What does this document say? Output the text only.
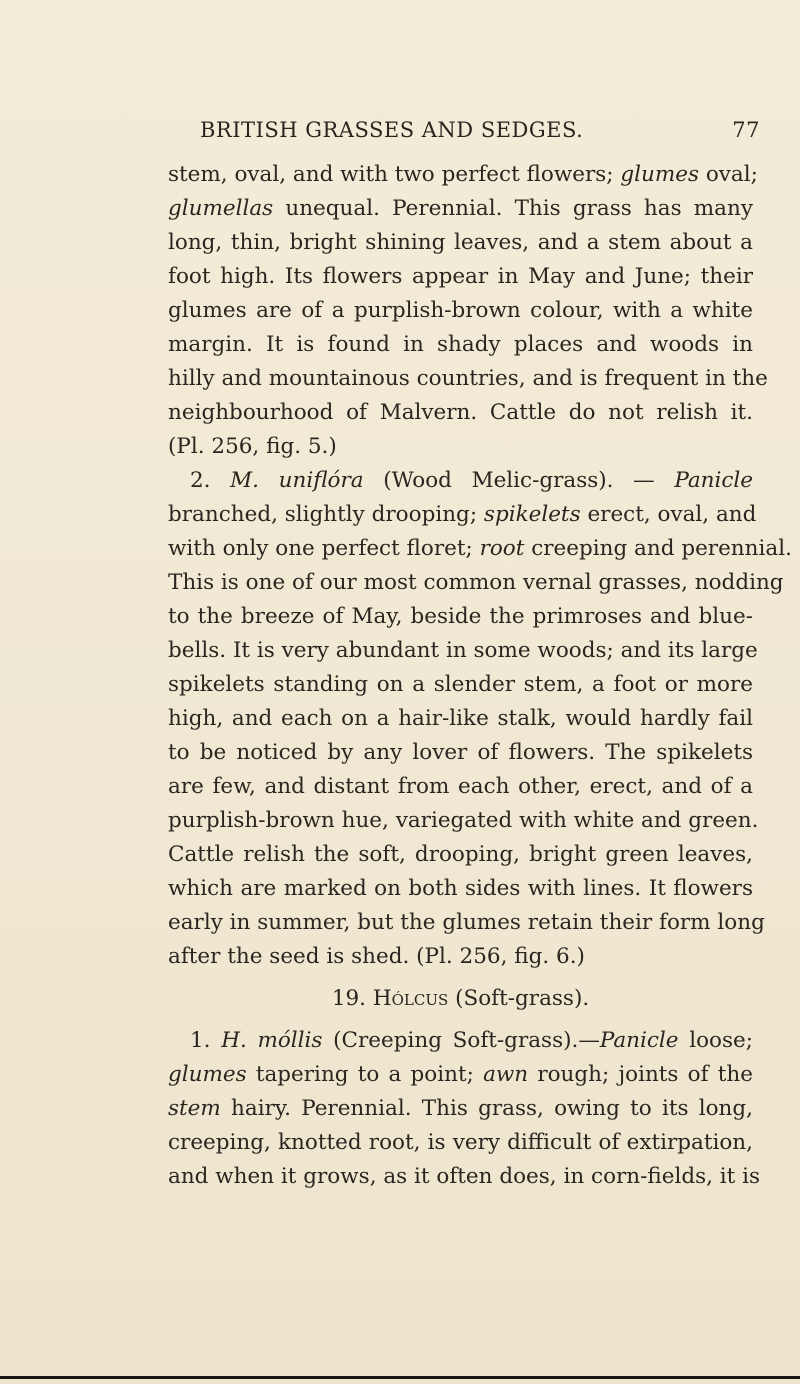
BRITISH GRASSES AND SEDGES.	77
stem, oval, and with two perfect flowers; glumes oval;
glumellas unequal. Perennial. This grass has many
long, thin, bright shining leaves, and a stem about a
foot high. Its flowers appear in May and June; their
glumes are of a purplish-brown colour, with a white
margin. It is found in shady places and woods in
hilly and mountainous countries, and is frequent in the
neighbourhood of Malvern. Cattle do not relish it.
(Pl. 256, fig. 5.)
2. M. uniflóra (Wood Melic-grass). — Panicle
branched, slightly drooping; spikelets erect, oval, and
with only one perfect floret; root creeping and perennial.
This is one of our most common vernal grasses, nodding
to the breeze of May, beside the primroses and blue-
bells. It is very abundant in some woods; and its large
spikelets standing on a slender stem, a foot or more
high, and each on a hair-like stalk, would hardly fail
to be noticed by any lover of flowers. The spikelets
are few, and distant from each other, erect, and of a
purplish-brown hue, variegated with white and green.
Cattle relish the soft, drooping, bright green leaves,
which are marked on both sides with lines. It flowers
early in summer, but the glumes retain their form long
after the seed is shed. (Pl. 256, fig. 6.)
19. Hólcus (Soft-grass).
1. H. móllis (Creeping Soft-grass).—Panicle loose;
glumes tapering to a point; awn rough; joints of the
stem hairy. Perennial. This grass, owing to its long,
creeping, knotted root, is very difficult of extirpation,
and when it grows, as it often does, in corn-fields, it is
